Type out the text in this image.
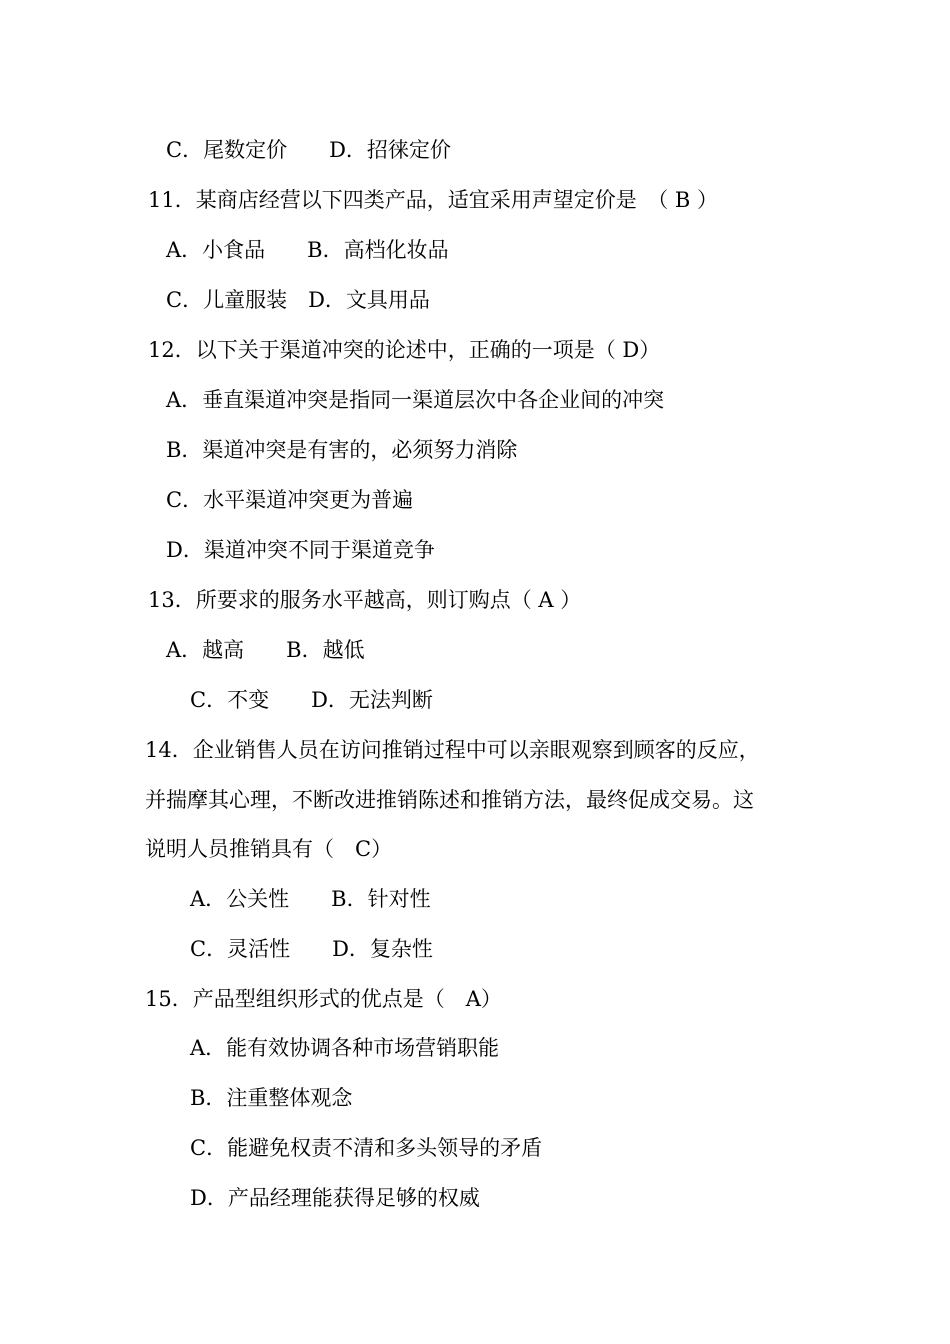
C．尾数定价　　D．招徕定价
11．某商店经营以下四类产品，适宜采用声望定价是　（ B ）
A．小食品　　B．高档化妆品
C．儿童服装　D．文具用品
12．以下关于渠道冲突的论述中，正确的一项是（ D）
A．垂直渠道冲突是指同一渠道层次中各企业间的冲突
B．渠道冲突是有害的，必须努力消除
C．水平渠道冲突更为普遍
D．渠道冲突不同于渠道竞争
13．所要求的服务水平越高，则订购点（ A ）
A．越高　　B．越低
C．不变　　D．无法判断
14．企业销售人员在访问推销过程中可以亲眼观察到顾客的反应，
并揣摩其心理，不断改进推销陈述和推销方法，最终促成交易。这
说明人员推销具有（　C）
A．公关性　　B．针对性
C．灵活性　　D．复杂性
15．产品型组织形式的优点是（　A）
A．能有效协调各种市场营销职能
B．注重整体观念
C．能避免权责不清和多头领导的矛盾
D．产品经理能获得足够的权威
